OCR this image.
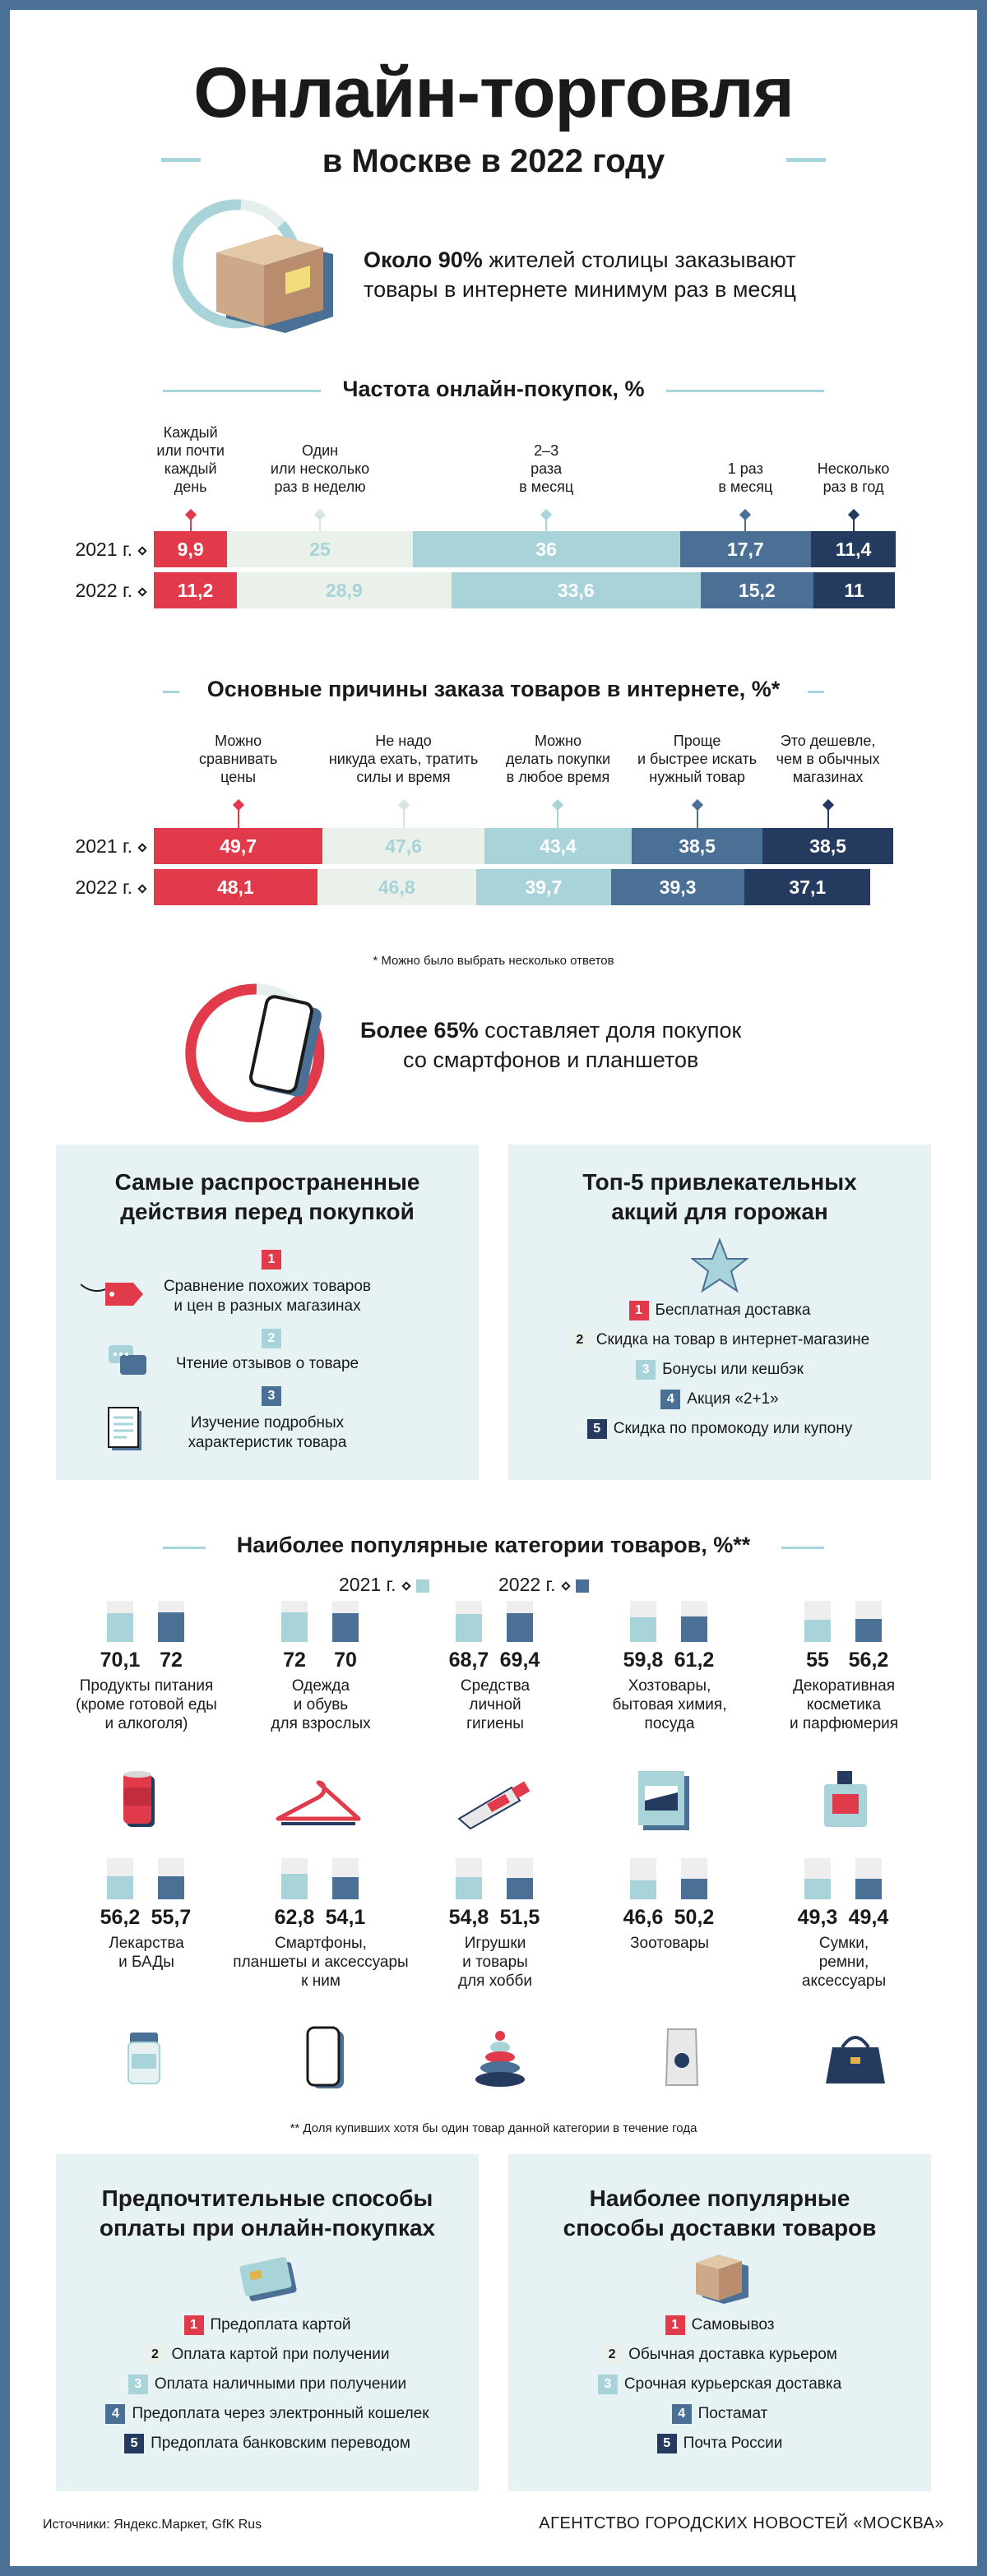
Онлайн-торговля
в Москве в 2022 году
Около 90% жителей столицы заказывают
товары в интернете минимум раз в месяц
Частота онлайн-покупок, %
Каждый
или почти
каждый
день
Один
или несколько
раз в неделю
2–3
раза
в месяц
1 раз
в месяц
Несколько
раз в год
2021 г.	9,9	25	36	17,7	11,4
2022 г.	11,2	28,9	33,6	15,2	11
Основные причины заказа товаров в интернете, %*
Можно
сравнивать
цены
Не надо
никуда ехать, тратить
силы и время
Можно
делать покупки
в любое время
Проще
и быстрее искать
нужный товар
Это дешевле,
чем в обычных
магазинах
2021 г.	49,7	47,6	43,4	38,5	38,5
2022 г.	48,1	46,8	39,7	39,3	37,1
* Можно было выбрать несколько ответов
Более 65% составляет доля покупок
со смартфонов и планшетов
Самые распространенные
действия перед покупкой
1
Сравнение похожих товаров
и цен в разных магазинах
2
Чтение отзывов о товаре
3
Изучение подробных
характеристик товара
Топ-5 привлекательных
акций для горожан
1 Бесплатная доставка
2 Скидка на товар в интернет-магазине
3 Бонусы или кешбэк
4 Акция «2+1»
5 Скидка по промокоду или купону
Наиболее популярные категории товаров, %**
2021 г.	2022 г.
70,1 72
Продукты питания
(кроме готовой еды
и алкоголя)
72	70
Одежда
и обувь
для взрослых
68,7 69,4
Средства
личной
гигиены
59,8 61,2
Хозтовары,
бытовая химия,
посуда
55 56,2
Декоративная
косметика
и парфюмерия
56,2 55,7
Лекарства
и БАДы
62,8 54,1
Смартфоны,
планшеты и аксессуары
к ним
54,8 51,5
Игрушки
и товары
для хобби
46,6 50,2
Зоотовары
49,3 49,4
Сумки,
ремни,
аксессуары
** Доля купивших хотя бы один товар данной категории в течение года
Предпочтительные способы
оплаты при онлайн-покупках
1 Предоплата картой
2 Оплата картой при получении
3 Оплата наличными при получении
4 Предоплата через электронный кошелек
5 Предоплата банковским переводом
Наиболее популярные
способы доставки товаров
1 Самовывоз
2 Обычная доставка курьером
3 Срочная курьерская доставка
4 Постамат
5 Почта России
Источники: Яндекс.Маркет, GfK Rus	АГЕНТСТВО ГОРОДСКИХ НОВОСТЕЙ «МОСКВА»
